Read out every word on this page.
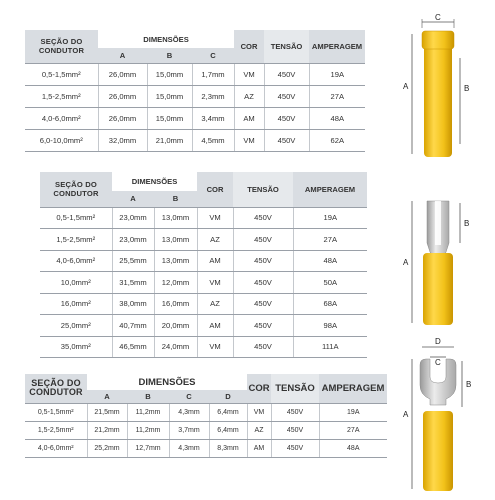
SEÇÃO DO CONDUTOR	DIMENSÕES			COR	TENSÃO	AMPERAGEM
	A	B	C			
0,5-1,5mm²	26,0mm	15,0mm	1,7mm	VM	450V	19A
1,5-2,5mm²	26,0mm	15,0mm	2,3mm	AZ	450V	27A
4,0-6,0mm²	26,0mm	15,0mm	3,4mm	AM	450V	48A
6,0-10,0mm²	32,0mm	21,0mm	4,5mm	VM	450V	62A
SEÇÃO DO CONDUTOR	DIMENSÕES		COR	TENSÃO	AMPERAGEM
	A	B			
0,5-1,5mm²	23,0mm	13,0mm	VM	450V	19A
1,5-2,5mm²	23,0mm	13,0mm	AZ	450V	27A
4,0-6,0mm²	25,5mm	13,0mm	AM	450V	48A
10,0mm²	31,5mm	12,0mm	VM	450V	50A
16,0mm²	38,0mm	16,0mm	AZ	450V	68A
25,0mm²	40,7mm	20,0mm	AM	450V	98A
35,0mm²	46,5mm	24,0mm	VM	450V	111A
SEÇÃO DO CONDUTOR	DIMENSÕES				COR	TENSÃO	AMPERAGEM
	A	B	C	D			
0,5-1,5mm²	21,5mm	11,2mm	4,3mm	6,4mm	VM	450V	19A
1,5-2,5mm²	21,2mm	11,2mm	3,7mm	6,4mm	AZ	450V	27A
4,0-6,0mm²	25,2mm	12,7mm	4,3mm	8,3mm	AM	450V	48A
C
A	B
A
B
D
C
A
B
